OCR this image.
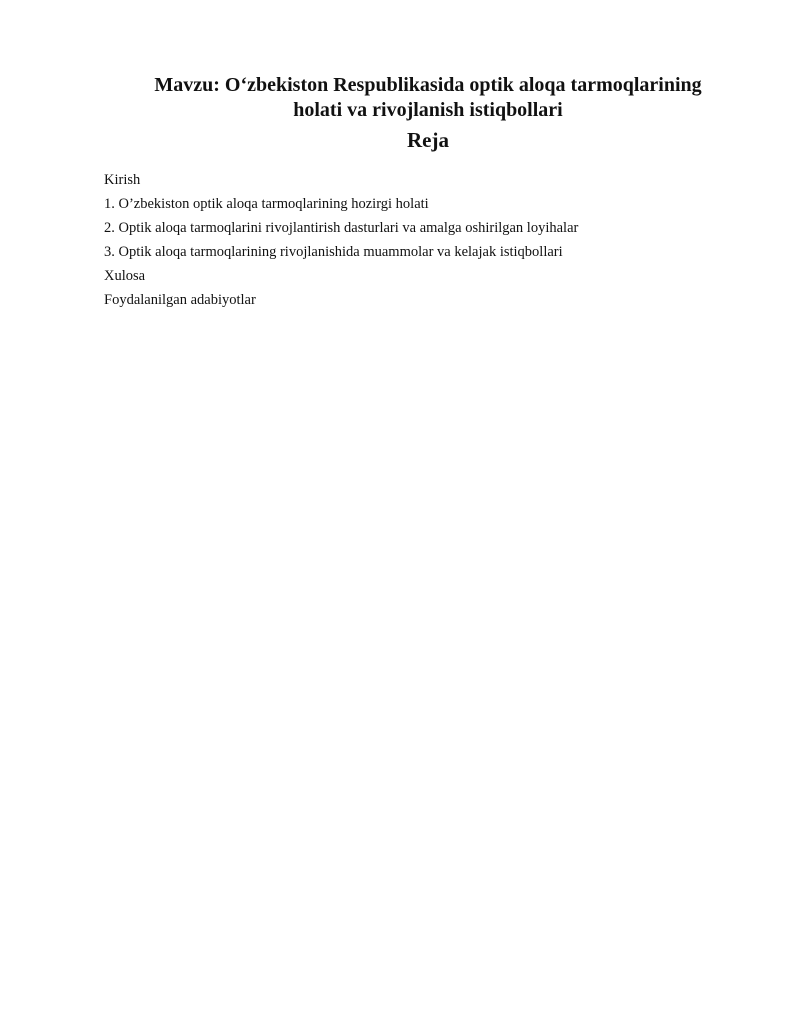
Mavzu: O‘zbekiston Respublikasida optik aloqa tarmoqlarining
holati va rivojlanish istiqbollari
Reja
Kirish
1. O’zbekiston optik aloqa tarmoqlarining hozirgi holati
2. Optik aloqa tarmoqlarini rivojlantirish dasturlari va amalga oshirilgan loyihalar
3. Optik aloqa tarmoqlarining rivojlanishida muammolar va kelajak istiqbollari
Xulosa
Foydalanilgan adabiyotlar
